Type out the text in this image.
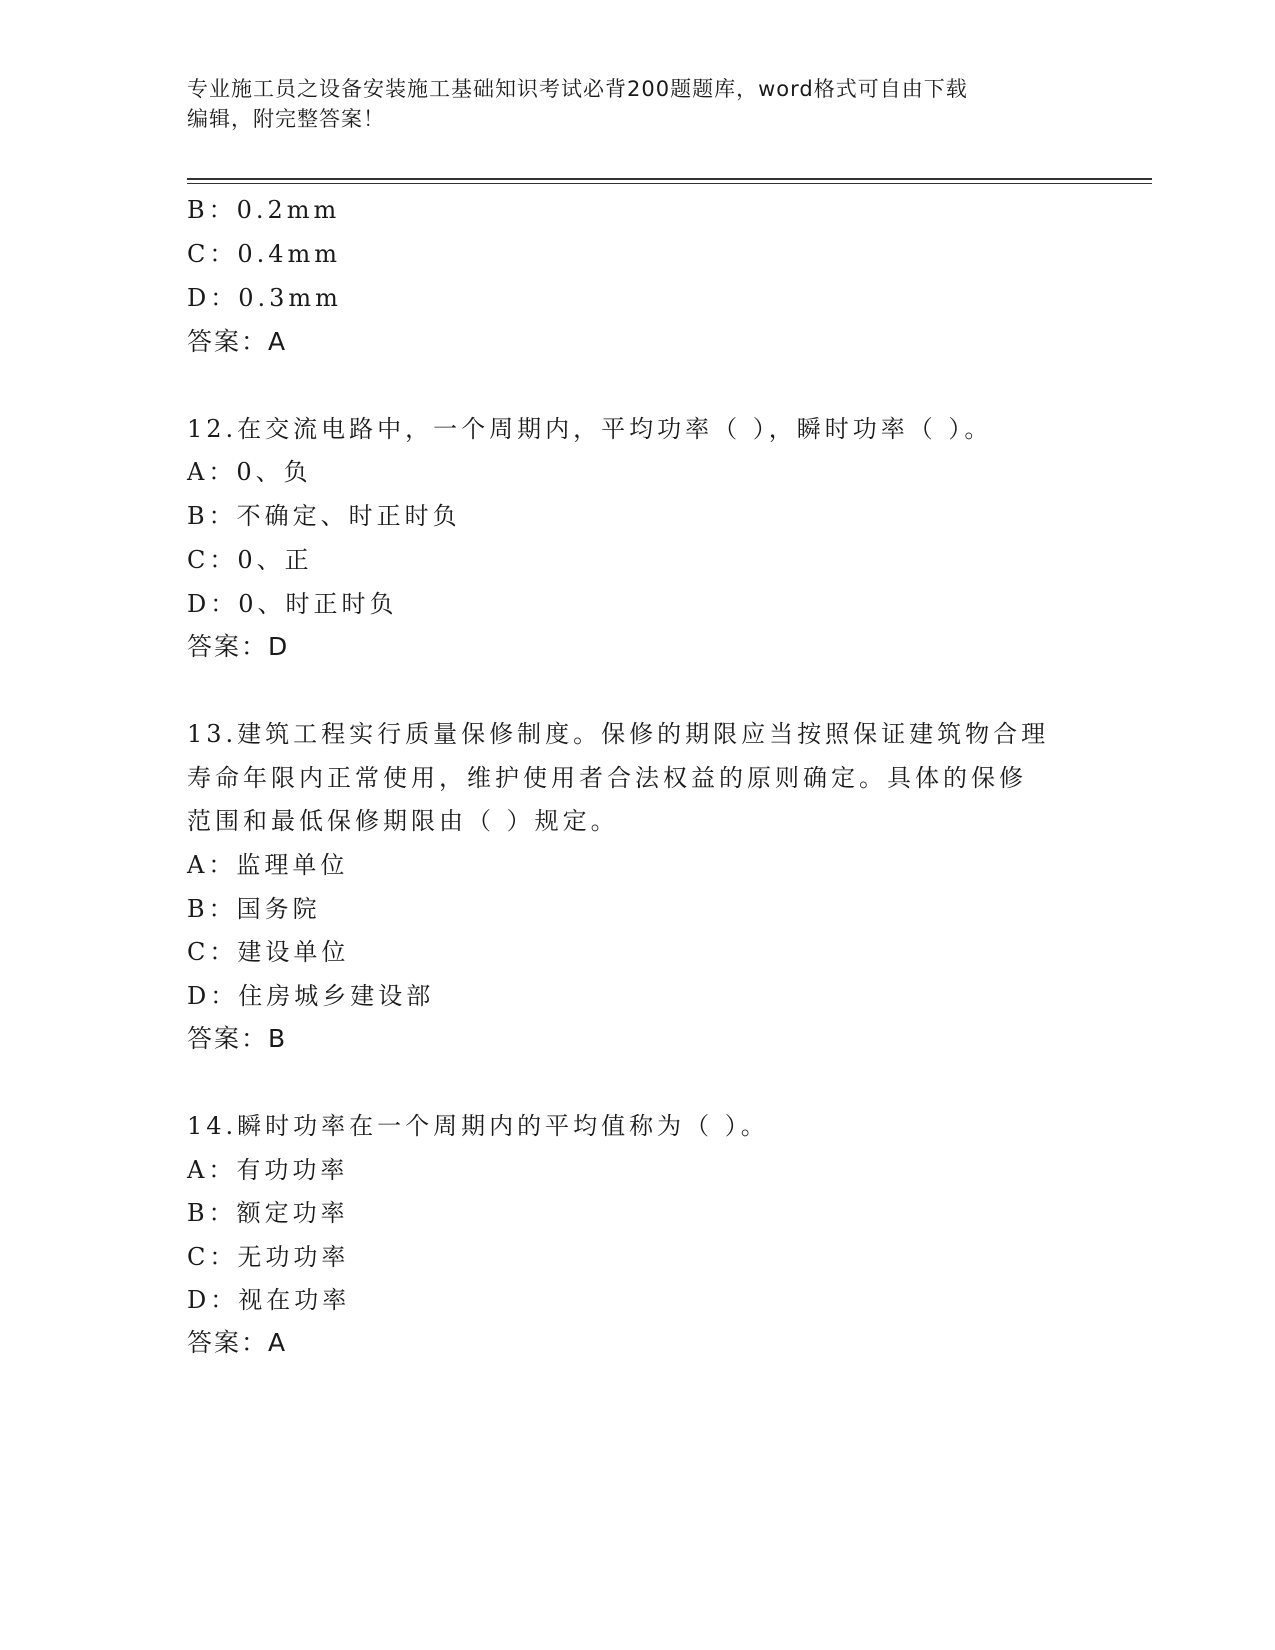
专业施工员之设备安装施工基础知识考试必背200题题库，word格式可自由下载
编辑，附完整答案！
B：0.2mm
C：0.4mm
D：0.3mm
答案：A
12.在交流电路中，一个周期内，平均功率（ ），瞬时功率（ ）。
A：0、负
B：不确定、时正时负
C：0、正
D：0、时正时负
答案：D
13.建筑工程实行质量保修制度。保修的期限应当按照保证建筑物合理
寿命年限内正常使用，维护使用者合法权益的原则确定。具体的保修
范围和最低保修期限由（ ）规定。
A：监理单位
B：国务院
C：建设单位
D：住房城乡建设部
答案：B
14.瞬时功率在一个周期内的平均值称为（ ）。
A：有功功率
B：额定功率
C：无功功率
D：视在功率
答案：A
